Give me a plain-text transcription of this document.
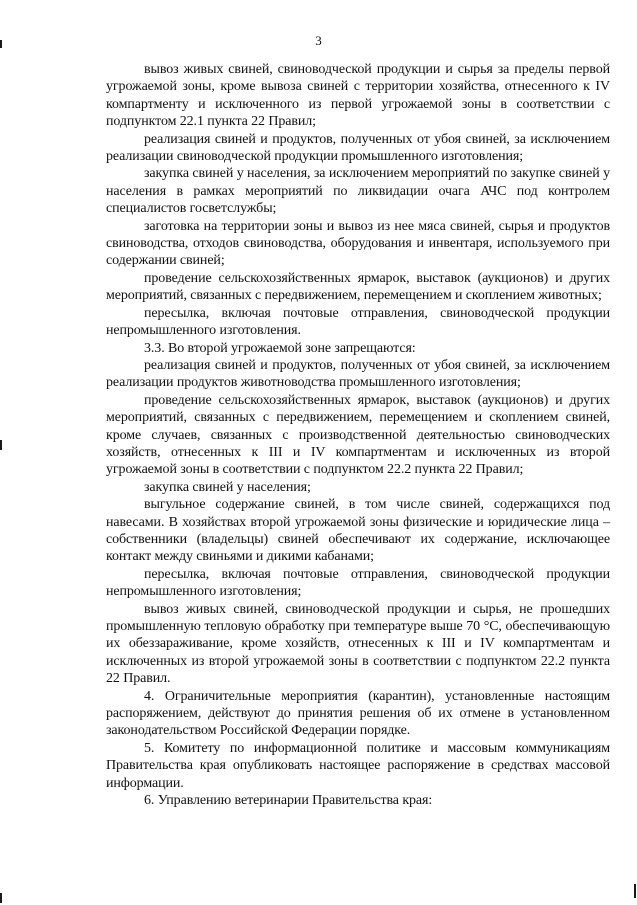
3

вывоз живых свиней, свиноводческой продукции и сырья за пределы первой угрожаемой зоны, кроме вывоза свиней с территории хозяйства, отнесенного к IV компартменту и исключенного из первой угрожаемой зоны в соответствии с подпунктом 22.1 пункта 22 Правил;

реализация свиней и продуктов, полученных от убоя свиней, за исключением реализации свиноводческой продукции промышленного изготовления;

закупка свиней у населения, за исключением мероприятий по закупке свиней у населения в рамках мероприятий по ликвидации очага АЧС под контролем специалистов госветслужбы;

заготовка на территории зоны и вывоз из нее мяса свиней, сырья и продуктов свиноводства, отходов свиноводства, оборудования и инвентаря, используемого при содержании свиней;

проведение сельскохозяйственных ярмарок, выставок (аукционов) и других мероприятий, связанных с передвижением, перемещением и скоплением животных;

пересылка, включая почтовые отправления, свиноводческой продукции непромышленного изготовления.

3.3. Во второй угрожаемой зоне запрещаются:

реализация свиней и продуктов, полученных от убоя свиней, за исключением реализации продуктов животноводства промышленного изготовления;

проведение сельскохозяйственных ярмарок, выставок (аукционов) и других мероприятий, связанных с передвижением, перемещением и скоплением свиней, кроме случаев, связанных с производственной деятельностью свиноводческих хозяйств, отнесенных к III и IV компартментам и исключенных из второй угрожаемой зоны в соответствии с подпунктом 22.2 пункта 22 Правил;

закупка свиней у населения;

выгульное содержание свиней, в том числе свиней, содержащихся под навесами. В хозяйствах второй угрожаемой зоны физические и юридические лица – собственники (владельцы) свиней обеспечивают их содержание, исключающее контакт между свиньями и дикими кабанами;

пересылка, включая почтовые отправления, свиноводческой продукции непромышленного изготовления;

вывоз живых свиней, свиноводческой продукции и сырья, не прошедших промышленную тепловую обработку при температуре выше 70 °С, обеспечивающую их обеззараживание, кроме хозяйств, отнесенных к III и IV компартментам и исключенных из второй угрожаемой зоны в соответствии с подпунктом 22.2 пункта 22 Правил.

4. Ограничительные мероприятия (карантин), установленные настоящим распоряжением, действуют до принятия решения об их отмене в установленном законодательством Российской Федерации порядке.

5. Комитету по информационной политике и массовым коммуникациям Правительства края опубликовать настоящее распоряжение в средствах массовой информации.

6. Управлению ветеринарии Правительства края:
